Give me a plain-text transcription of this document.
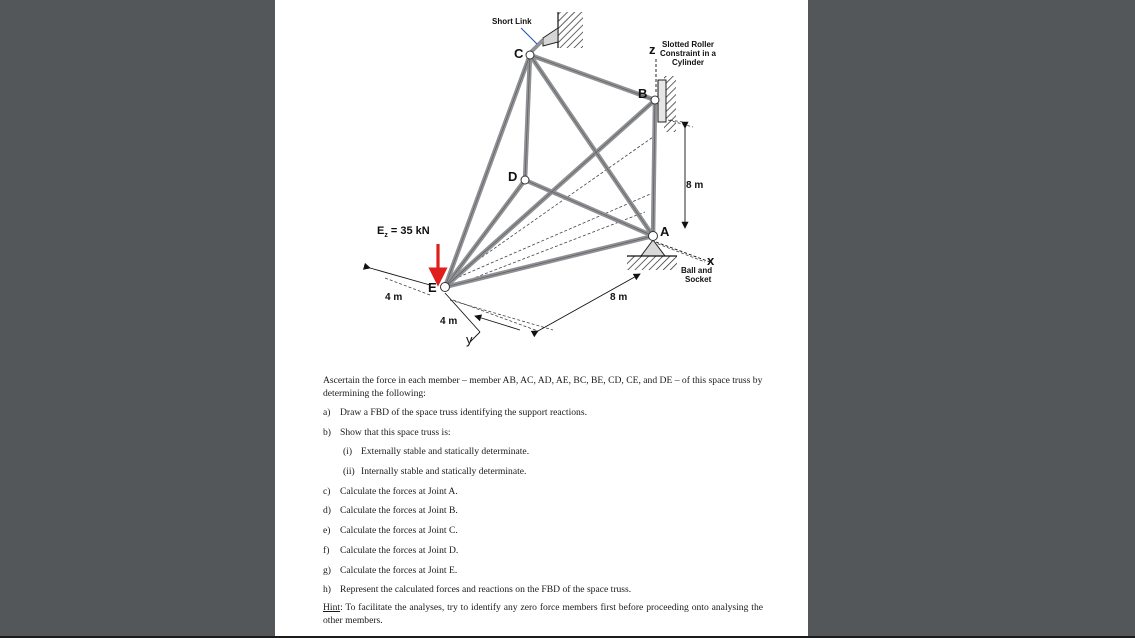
Short Link
C
B
D
A
E
z
x
y
Slotted Roller
Constraint in a
Cylinder
Ball and
Socket
8 m
8 m
4 m
4 m
$E_z = 35$ kN

Ascertain the force in each member – member AB, AC, AD, AE, BC, BE, CD, CE, and DE – of this space truss by determining the following:

a) Draw a FBD of the space truss identifying the support reactions.
b) Show that this space truss is:
(i) Externally stable and statically determinate.
(ii) Internally stable and statically determinate.
c) Calculate the forces at Joint A.
d) Calculate the forces at Joint B.
e) Calculate the forces at Joint C.
f)	Calculate the forces at Joint D.
g) Calculate the forces at Joint E.
h) Represent the calculated forces and reactions on the FBD of the space truss.

Hint: To facilitate the analyses, try to identify any zero force members first before proceeding onto analysing the other members.
